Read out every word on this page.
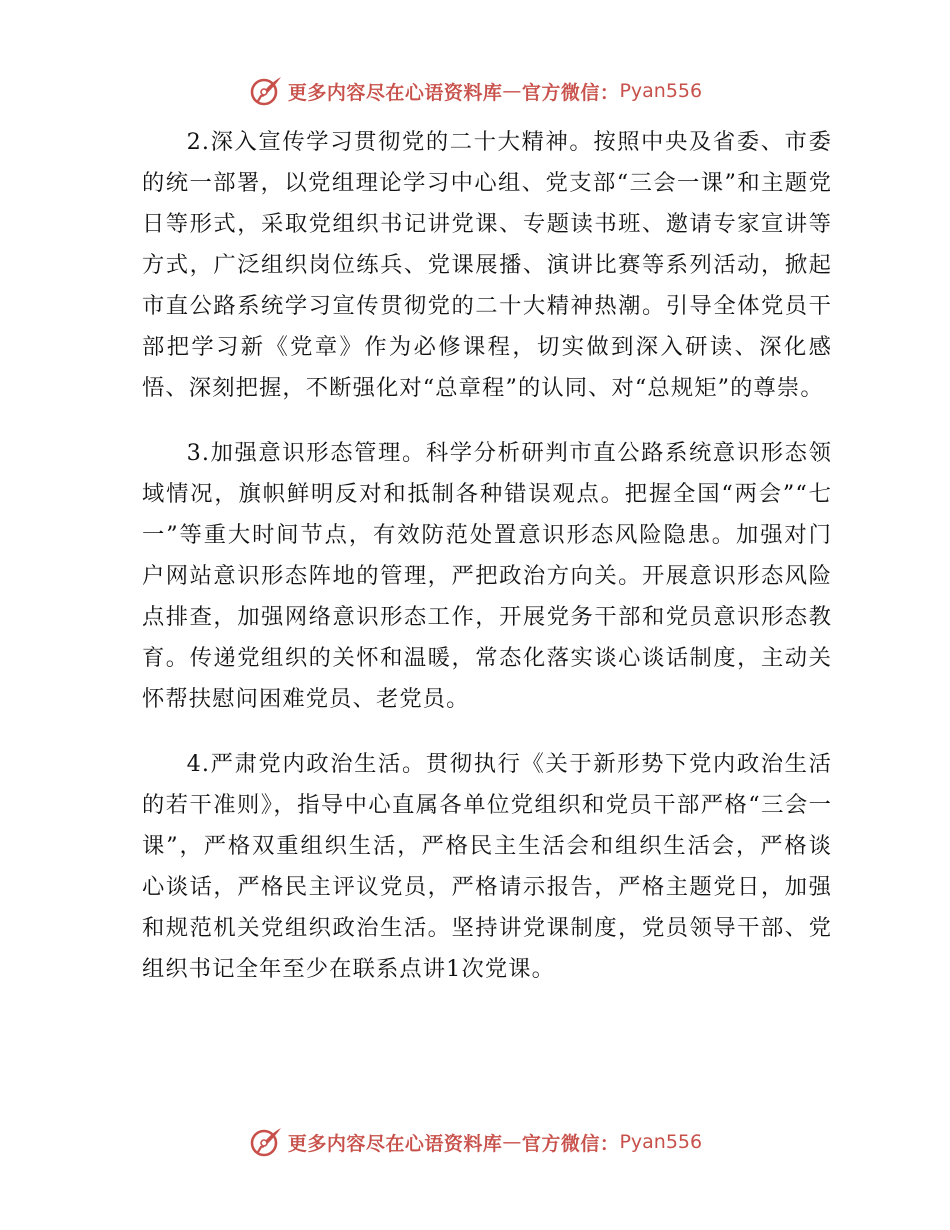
更多内容尽在心语资料库 — 官方微信： Pyan556

2.深入宣传学习贯彻党的二十大精神。按照中央及省委、市委的统一部署，以党组理论学习中心组、党支部“三会一课”和主题党日等形式，采取党组织书记讲党课、专题读书班、邀请专家宣讲等方式，广泛组织岗位练兵、党课展播、演讲比赛等系列活动，掀起市直公路系统学习宣传贯彻党的二十大精神热潮。引导全体党员干部把学习新《党章》作为必修课程，切实做到深入研读、深化感悟、深刻把握，不断强化对“总章程”的认同、对“总规矩”的尊崇。

3.加强意识形态管理。科学分析研判市直公路系统意识形态领域情况，旗帜鲜明反对和抵制各种错误观点。把握全国“两会”“七一”等重大时间节点，有效防范处置意识形态风险隐患。加强对门户网站意识形态阵地的管理，严把政治方向关。开展意识形态风险点排查，加强网络意识形态工作，开展党务干部和党员意识形态教育。传递党组织的关怀和温暖，常态化落实谈心谈话制度，主动关怀帮扶慰问困难党员、老党员。

4.严肃党内政治生活。贯彻执行《关于新形势下党内政治生活的若干准则》，指导中心直属各单位党组织和党员干部严格“三会一课”，严格双重组织生活，严格民主生活会和组织生活会，严格谈心谈话，严格民主评议党员，严格请示报告，严格主题党日，加强和规范机关党组织政治生活。坚持讲党课制度，党员领导干部、党组织书记全年至少在联系点讲1次党课。

更多内容尽在心语资料库 — 官方微信： Pyan556
